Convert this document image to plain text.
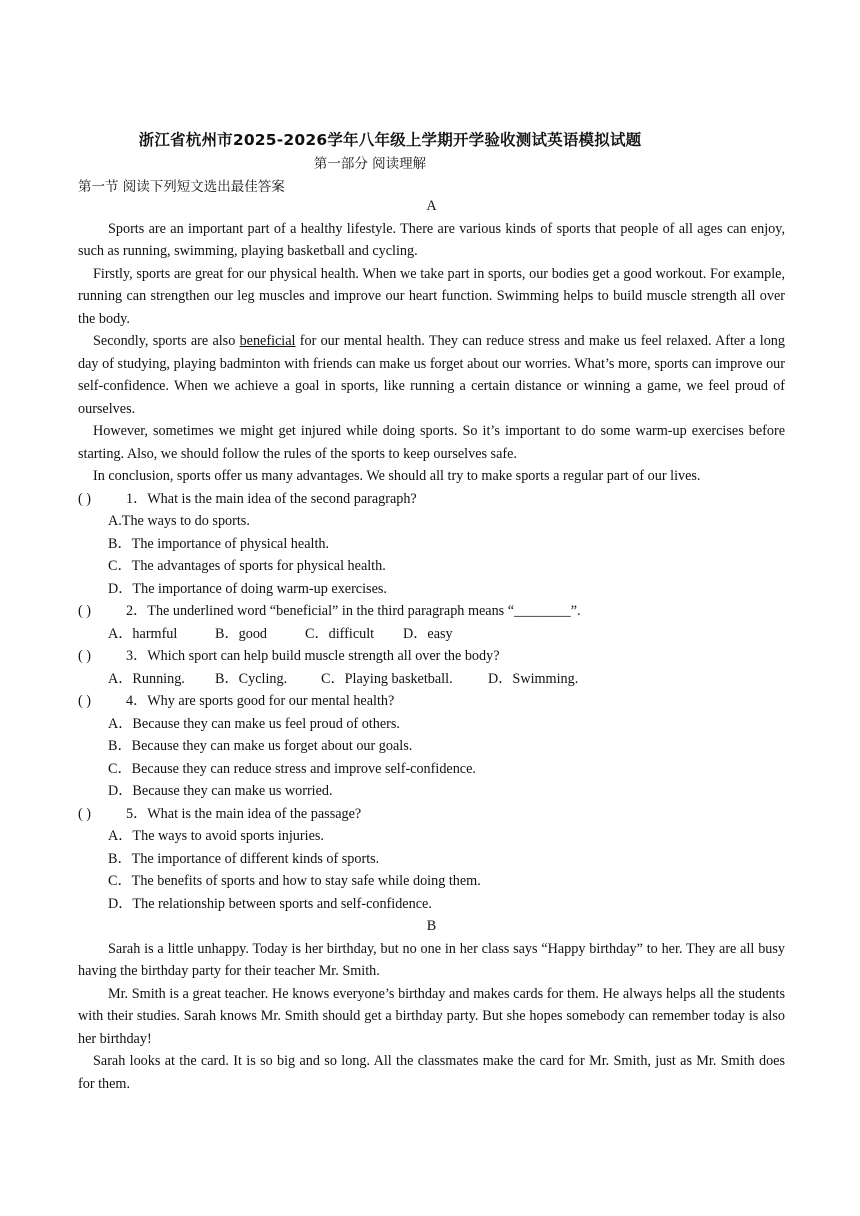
浙江省杭州市2025-2026学年八年级上学期开学验收测试英语模拟试题
第一部分 阅读理解
第一节 阅读下列短文选出最佳答案

A

Sports are an important part of a healthy lifestyle. There are various kinds of sports that people of all ages can enjoy, such as running, swimming, playing basketball and cycling.

Firstly, sports are great for our physical health. When we take part in sports, our bodies get a good workout. For example, running can strengthen our leg muscles and improve our heart function. Swimming helps to build muscle strength all over the body.

Secondly, sports are also beneficial for our mental health. They can reduce stress and make us feel relaxed. After a long day of studying, playing badminton with friends can make us forget about our worries. What’s more, sports can improve our self-confidence. When we achieve a goal in sports, like running a certain distance or winning a game, we feel proud of ourselves.

However, sometimes we might get injured while doing sports. So it’s important to do some warm-up exercises before starting. Also, we should follow the rules of the sports to keep ourselves safe.

In conclusion, sports offer us many advantages. We should all try to make sports a regular part of our lives.

( ) 1．What is the main idea of the second paragraph?
A.The ways to do sports.
B．The importance of physical health.
C．The advantages of sports for physical health.
D．The importance of doing warm-up exercises.
( ) 2．The underlined word “beneficial” in the third paragraph means “________”.
A．harmful	B．good	C．difficult D．easy
( ) 3．Which sport can help build muscle strength all over the body?
A．Running. B．Cycling. C．Playing basketball. D．Swimming.
( ) 4．Why are sports good for our mental health?
A．Because they can make us feel proud of others.
B．Because they can make us forget about our goals.
C．Because they can reduce stress and improve self-confidence.
D．Because they can make us worried.
( ) 5．What is the main idea of the passage?
A．The ways to avoid sports injuries.
B．The importance of different kinds of sports.
C．The benefits of sports and how to stay safe while doing them.
D．The relationship between sports and self-confidence.

B

Sarah is a little unhappy. Today is her birthday, but no one in her class says “Happy birthday” to her. They are all busy having the birthday party for their teacher Mr. Smith.

Mr. Smith is a great teacher. He knows everyone’s birthday and makes cards for them. He always helps all the students with their studies. Sarah knows Mr. Smith should get a birthday party. But she hopes somebody can remember today is also her birthday!

Sarah looks at the card. It is so big and so long. All the classmates make the card for Mr. Smith, just as Mr. Smith does for them.
